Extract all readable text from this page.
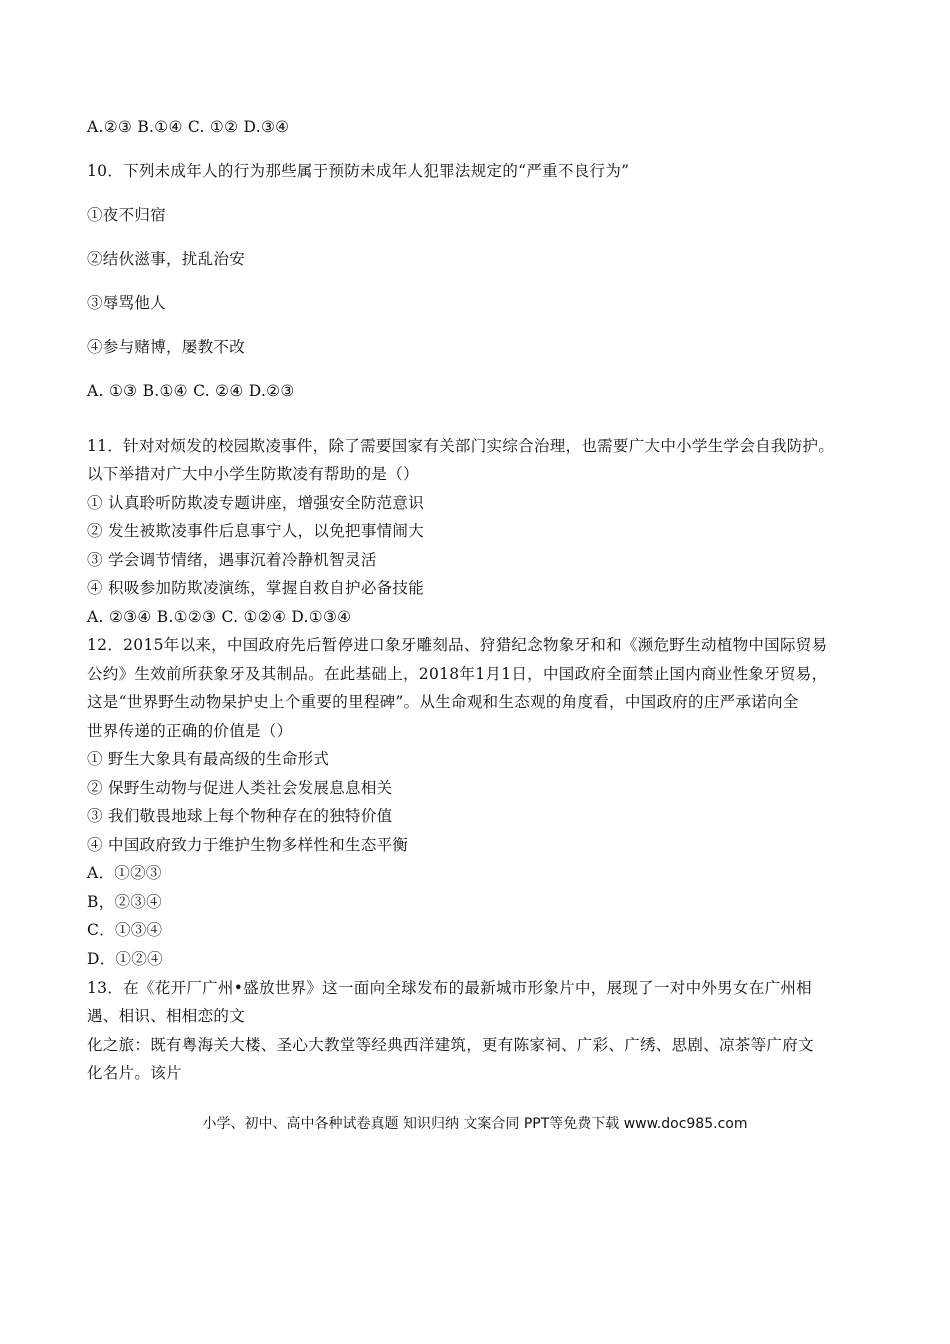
A.②③ B.①④ C. ①② D.③④

10．下列未成年人的行为那些属于预防未成年人犯罪法规定的“严重不良行为”

①夜不归宿

②结伙滋事，扰乱治安

③辱骂他人

④参与赌博，屡教不改

A. ①③ B.①④ C. ②④ D.②③

11．针对对烦发的校园欺凌事件，除了需要国家有关部门实综合治理，也需要广大中小学生学会自我防护。

以下举措对广大中小学生防欺凌有帮助的是（）

① 认真聆听防欺凌专题讲座，增强安全防范意识

② 发生被欺凌事件后息事宁人，以免把事情闹大

③ 学会调节情绪，遇事沉着冷静机智灵活

④ 积吸参加防欺凌演练，掌握自救自护必备技能

A. ②③④ B.①②③ C. ①②④ D.①③④

12．2015年以来，中国政府先后暂停进口象牙雕刻品、狩猎纪念物象牙和和《濒危野生动植物中国际贸易

公约》生效前所获象牙及其制品。在此基础上，2018年1月1日，中国政府全面禁止国内商业性象牙贸易，

这是“世界野生动物杲护史上个重要的里程碑”。从生命观和生态观的角度看，中国政府的庄严承诺向全

世界传递的正确的价值是（）

① 野生大象具有最高级的生命形式

② 保野生动物与促进人类社会发展息息相关

③ 我们敬畏地球上每个物种存在的独特价值

④ 中国政府致力于维护生物多样性和生态平衡

A．①②③

B，②③④

C．①③④

D．①②④

13．在《花开厂广州•盛放世界》这一面向全球发布的最新城市形象片中，展现了一对中外男女在广州相

遇、相识、相相恋的文

化之旅：既有粤海关大楼、圣心大教堂等经典西洋建筑，更有陈家祠、广彩、广绣、思剧、凉茶等广府文

化名片。该片

小学、初中、高中各种试卷真题 知识归纳 文案合同 PPT等免费下载 www.doc985.com
